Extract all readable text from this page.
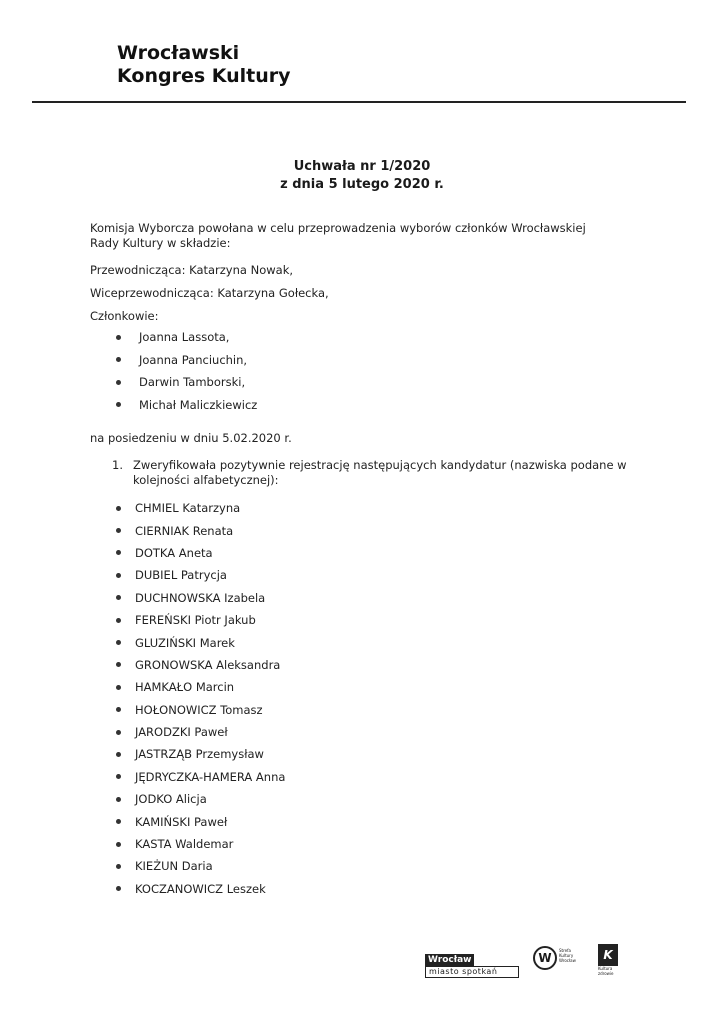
Wrocławski
Kongres Kultury
Uchwała nr 1/2020
z dnia 5 lutego 2020 r.
Komisja Wyborcza powołana w celu przeprowadzenia wyborów członków Wrocławskiej
Rady Kultury w składzie:
Przewodnicząca: Katarzyna Nowak,
Wiceprzewodnicząca: Katarzyna Gołecka,
Członkowie:
Joanna Lassota,
Joanna Panciuchin,
Darwin Tamborski,
Michał Maliczkiewicz
na posiedzeniu w dniu 5.02.2020 r.
1. Zweryfikowała pozytywnie rejestrację następujących kandydatur (nazwiska podane w kolejności alfabetycznej):
CHMIEL Katarzyna
CIERNIAK Renata
DOTKA Aneta
DUBIEL Patrycja
DUCHNOWSKA Izabela
FEREŃSKI Piotr Jakub
GLUZIŃSKI Marek
GRONOWSKA Aleksandra
HAMKAŁO Marcin
HOŁONOWICZ Tomasz
JARODZKI Paweł
JASTRZĄB Przemysław
JĘDRYCZKA-HAMERA Anna
JODKO Alicja
KAMIŃSKI Paweł
KASTA Waldemar
KIEŻUN Daria
KOCZANOWICZ Leszek
Wrocław
miasto spotkań
W
Strefa Kultury Wrocław	K
Kultura zdrowie
